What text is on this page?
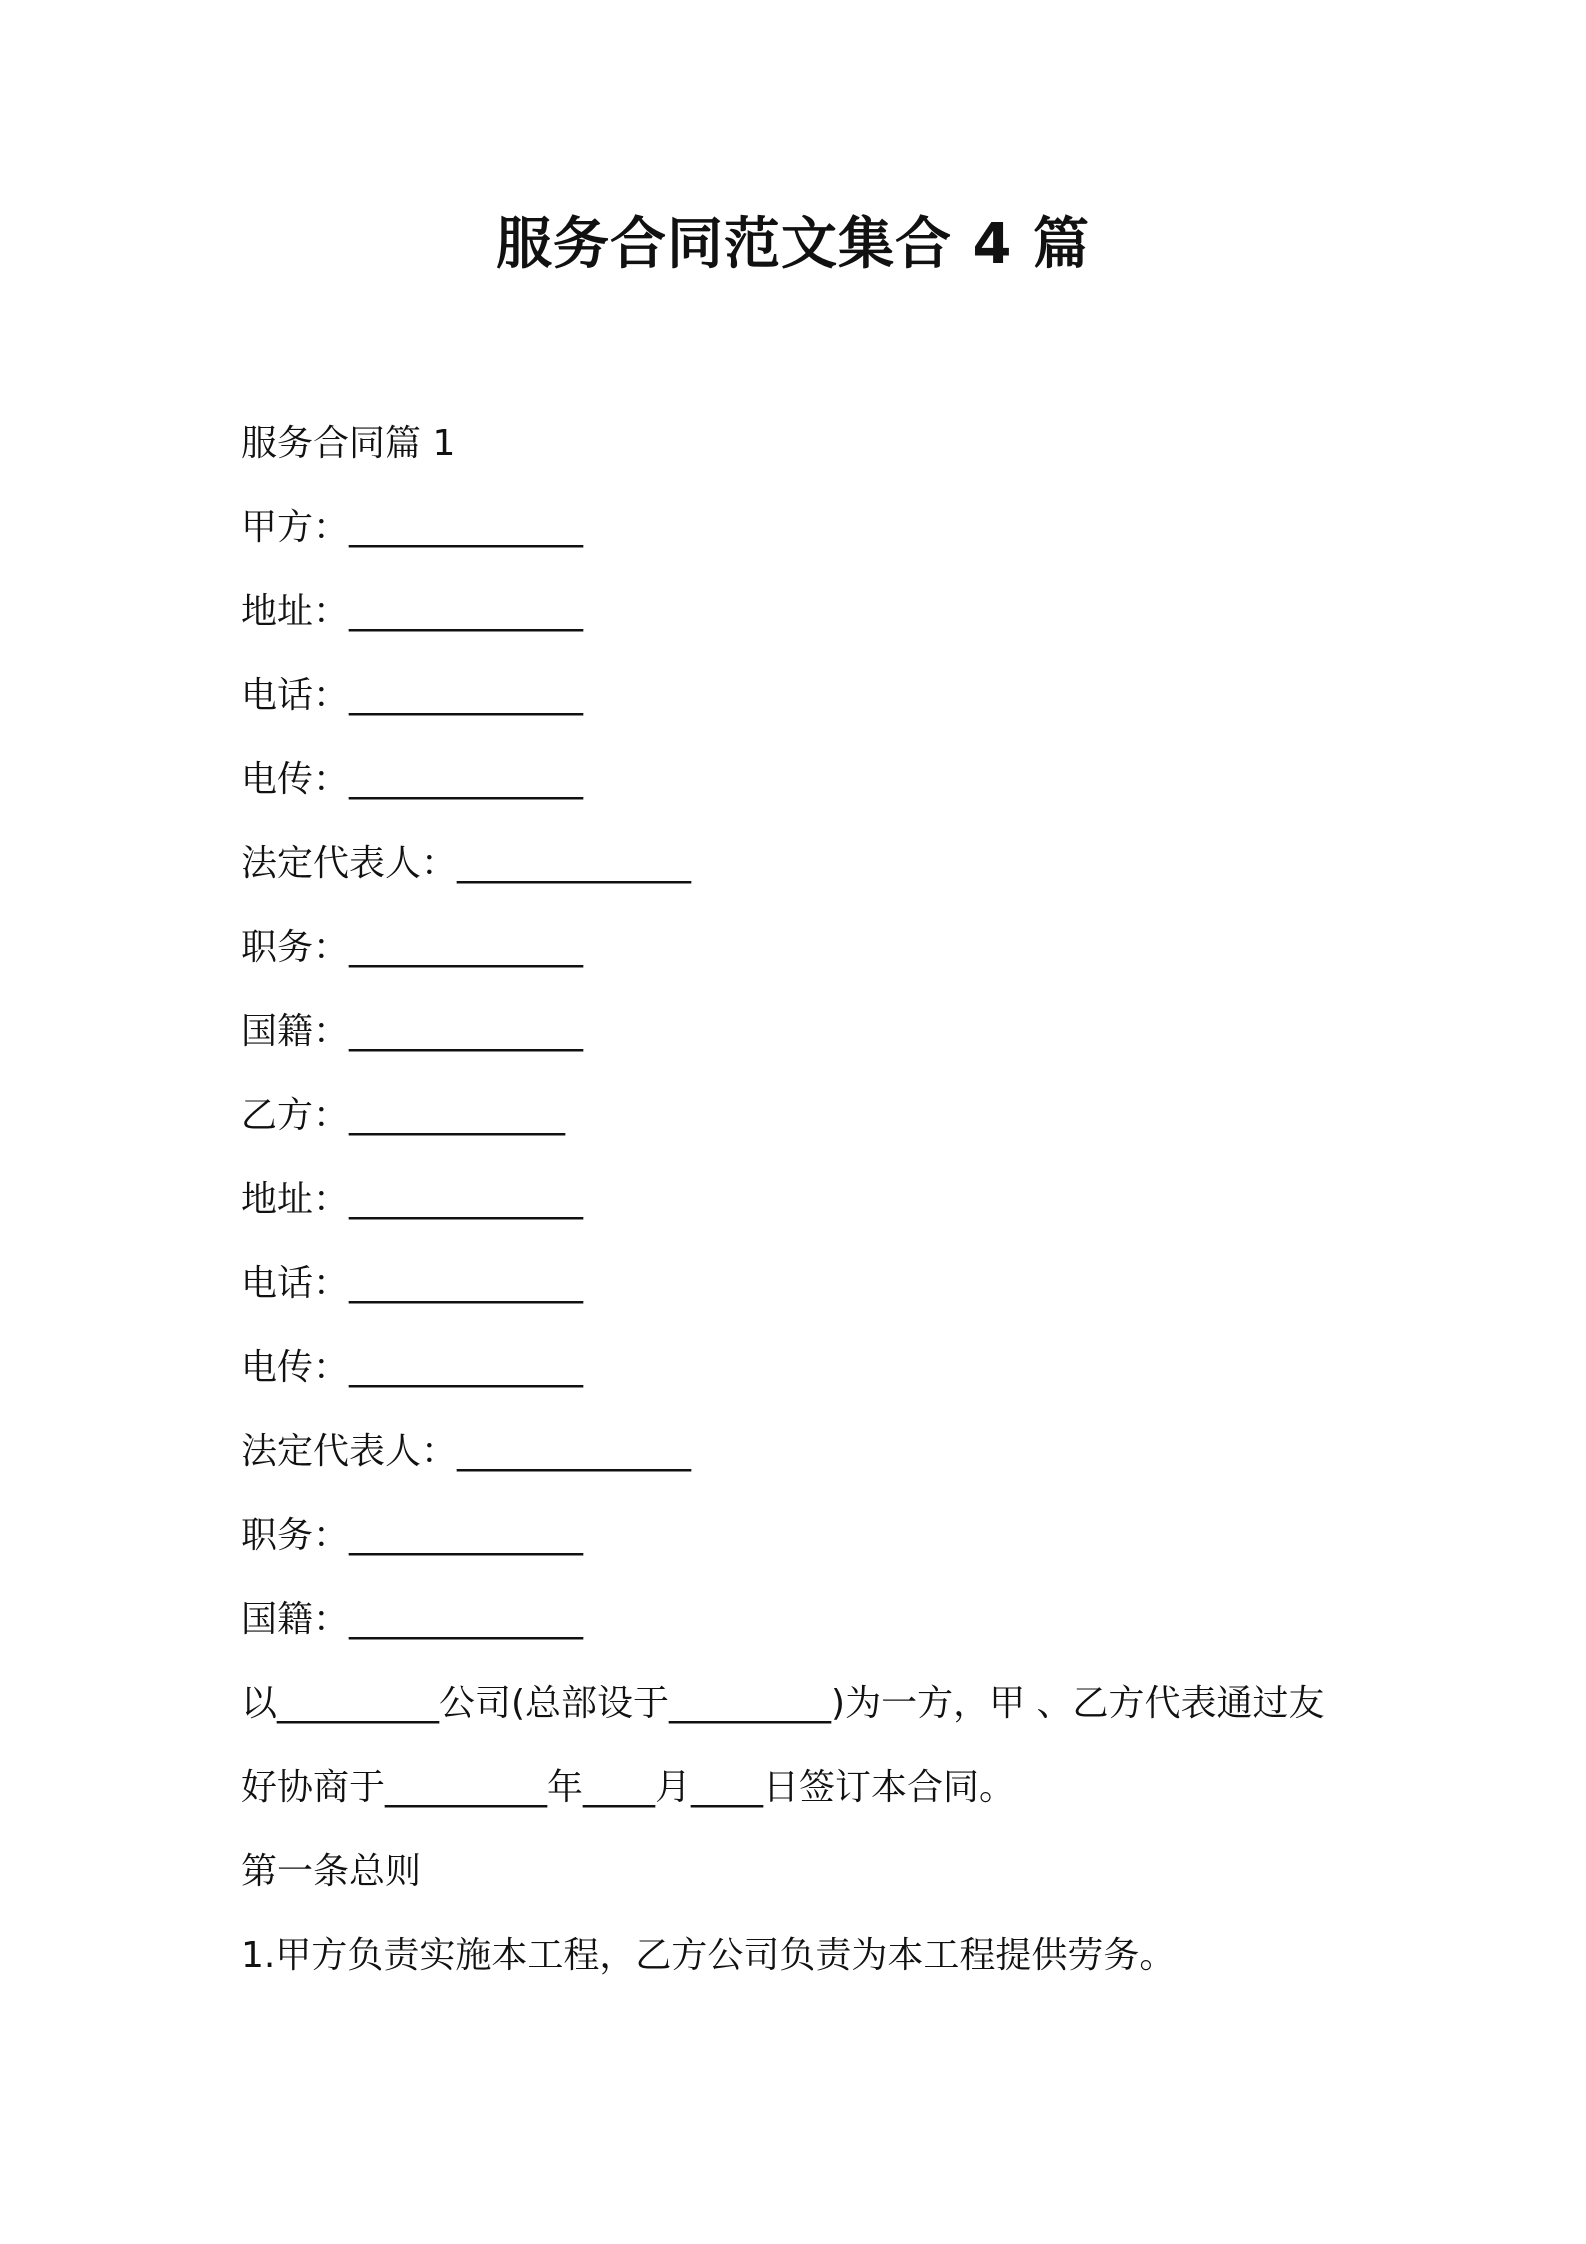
服务合同范文集合 4 篇

服务合同篇 1

甲方：_____________

地址：_____________

电话：_____________

电传：_____________

法定代表人：_____________

职务：_____________

国籍：_____________

乙方：____________

地址：_____________

电话：_____________

电传：_____________

法定代表人：_____________

职务：_____________

国籍：_____________

以_________公司(总部设于_________)为一方，甲 、乙方代表通过友

好协商于_________年____月____日签订本合同。

第一条总则

1.甲方负责实施本工程，乙方公司负责为本工程提供劳务。
